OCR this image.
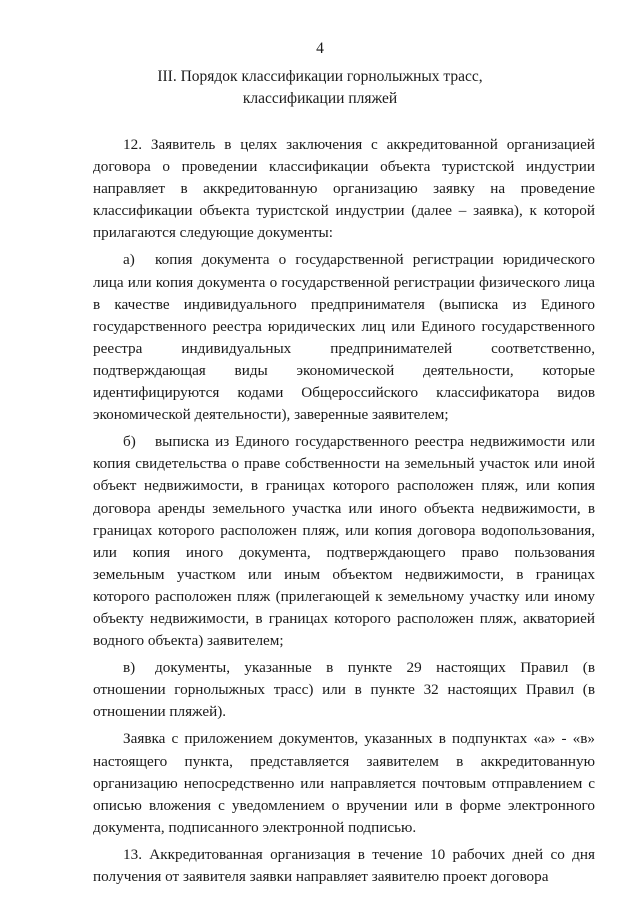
4
III. Порядок классификации горнолыжных трасс,
классификации пляжей

12. Заявитель в целях заключения с аккредитованной организацией договора о проведении классификации объекта туристской индустрии направляет в аккредитованную организацию заявку на проведение классификации объекта туристской индустрии (далее – заявка), к которой прилагаются следующие документы:

а) копия документа о государственной регистрации юридического лица или копия документа о государственной регистрации физического лица в качестве индивидуального предпринимателя (выписка из Единого государственного реестра юридических лиц или Единого государственного реестра индивидуальных предпринимателей соответственно, подтверждающая виды экономической деятельности, которые идентифицируются кодами Общероссийского классификатора видов экономической деятельности), заверенные заявителем;

б) выписка из Единого государственного реестра недвижимости или копия свидетельства о праве собственности на земельный участок или иной объект недвижимости, в границах которого расположен пляж, или копия договора аренды земельного участка или иного объекта недвижимости, в границах которого расположен пляж, или копия договора водопользования, или копия иного документа, подтверждающего право пользования земельным участком или иным объектом недвижимости, в границах которого расположен пляж (прилегающей к земельному участку или иному объекту недвижимости, в границах которого расположен пляж, акваторией водного объекта) заявителем;

в) документы, указанные в пункте 29 настоящих Правил (в отношении горнолыжных трасс) или в пункте 32 настоящих Правил (в отношении пляжей).

Заявка с приложением документов, указанных в подпунктах «а» - «в» настоящего пункта, представляется заявителем в аккредитованную организацию непосредственно или направляется почтовым отправлением с описью вложения с уведомлением о вручении или в форме электронного документа, подписанного электронной подписью.

13. Аккредитованная организация в течение 10 рабочих дней со дня получения от заявителя заявки направляет заявителю проект договора
